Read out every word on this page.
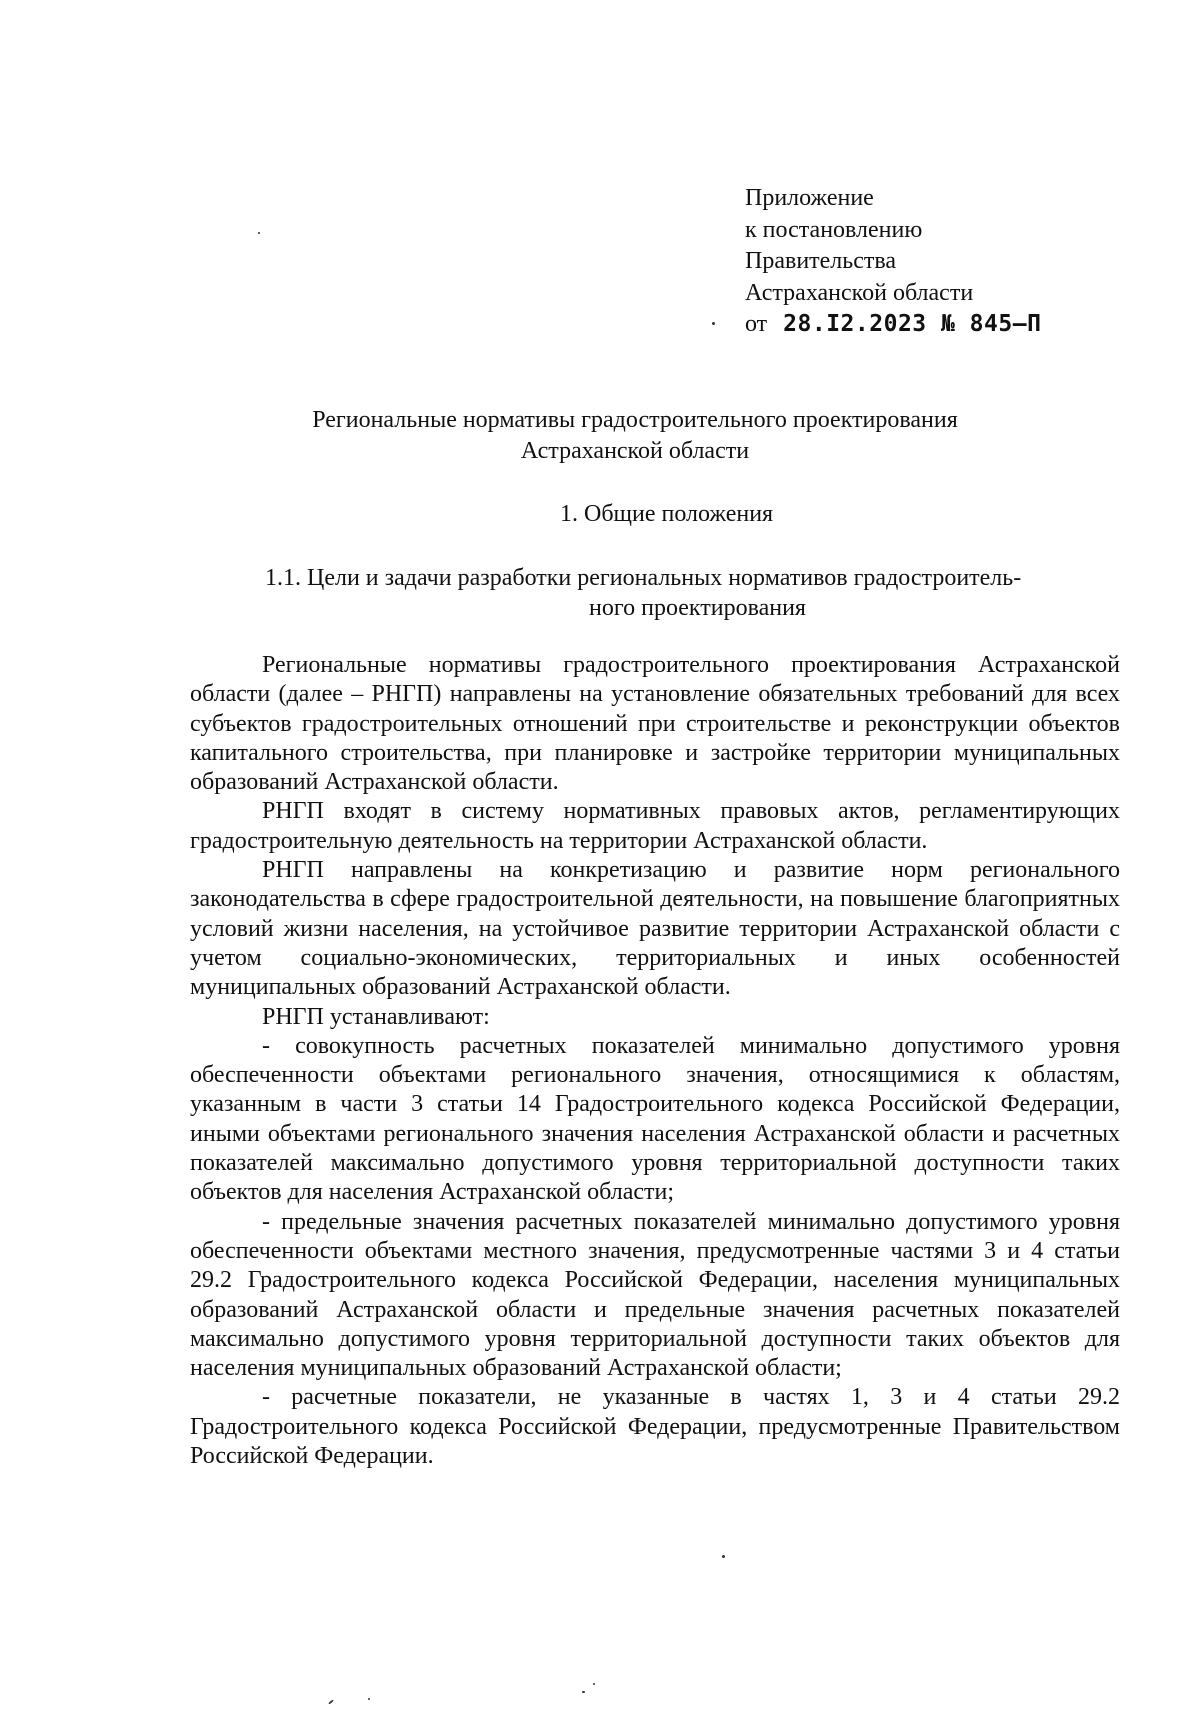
Приложение
к постановлению
Правительства
Астраханской области
от 28.I2.2023 № 845–П
Региональные нормативы градостроительного проектирования
Астраханской области
1. Общие положения
1.1. Цели и задачи разработки региональных нормативов градостроитель-
ного проектирования

Региональные нормативы градостроительного проектирования Астраханской области (далее – РНГП) направлены на установление обязательных требований для всех субъектов градостроительных отношений при строительстве и реконструкции объектов капитального строительства, при планировке и застройке территории муниципальных образований Астраханской области.

РНГП входят в систему нормативных правовых актов, регламентирующих градостроительную деятельность на территории Астраханской области.

РНГП направлены на конкретизацию и развитие норм регионального законодательства в сфере градостроительной деятельности, на повышение благоприятных условий жизни населения, на устойчивое развитие территории Астраханской области с учетом социально-экономических, территориальных и иных особенностей муниципальных образований Астраханской области.

РНГП устанавливают:

- совокупность расчетных показателей минимально допустимого уровня обеспеченности объектами регионального значения, относящимися к областям, указанным в части 3 статьи 14 Градостроительного кодекса Российской Федерации, иными объектами регионального значения населения Астраханской области и расчетных показателей максимально допустимого уровня территориальной доступности таких объектов для населения Астраханской области;

- предельные значения расчетных показателей минимально допустимого уровня обеспеченности объектами местного значения, предусмотренные частями 3 и 4 статьи 29.2 Градостроительного кодекса Российской Федерации, населения муниципальных образований Астраханской области и предельные значения расчетных показателей максимально допустимого уровня территориальной доступности таких объектов для населения муниципальных образований Астраханской области;

- расчетные показатели, не указанные в частях 1, 3 и 4 статьи 29.2 Градостроительного кодекса Российской Федерации, предусмотренные Правительством Российской Федерации.
